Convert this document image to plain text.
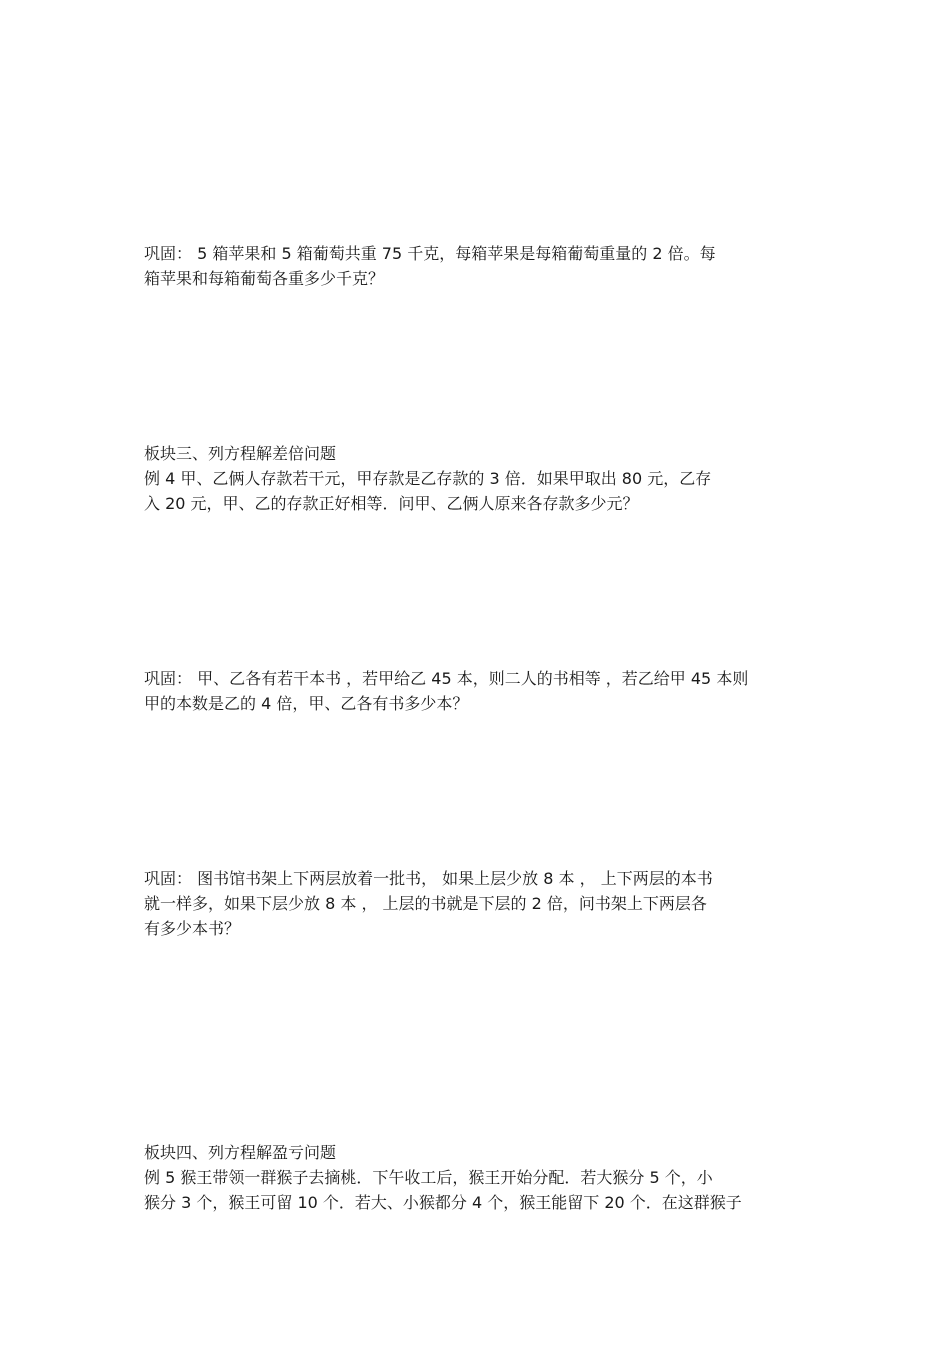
巩固： 5 箱苹果和 5 箱葡萄共重 75 千克，每箱苹果是每箱葡萄重量的 2 倍。每
箱苹果和每箱葡萄各重多少千克？
板块三、列方程解差倍问题
例 4 甲、乙俩人存款若干元，甲存款是乙存款的 3 倍．如果甲取出 80 元，乙存
入 20 元，甲、乙的存款正好相等．问甲、乙俩人原来各存款多少元？
巩固： 甲、乙各有若干本书 ，若甲给乙 45 本，则二人的书相等 ，若乙给甲 45 本则
甲的本数是乙的 4 倍，甲、乙各有书多少本？
巩固： 图书馆书架上下两层放着一批书， 如果上层少放 8 本 ， 上下两层的本书
就一样多，如果下层少放 8 本 ， 上层的书就是下层的 2 倍，问书架上下两层各
有多少本书？
板块四、列方程解盈亏问题
例 5 猴王带领一群猴子去摘桃．下午收工后，猴王开始分配．若大猴分 5 个，小
猴分 3 个，猴王可留 10 个．若大、小猴都分 4 个，猴王能留下 20 个．在这群猴子
